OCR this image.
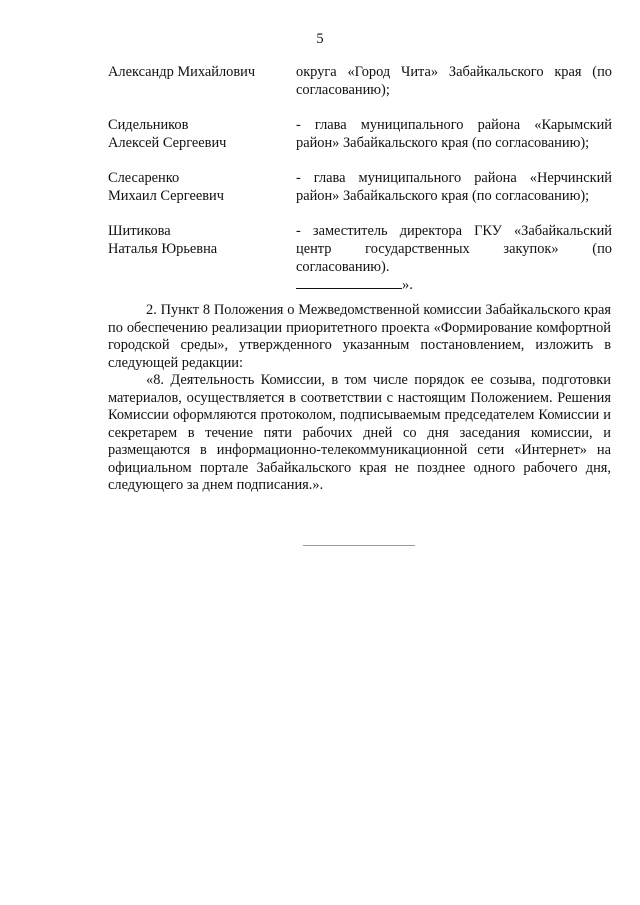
5
Александр Михайлович	округа «Город Чита» Забайкальского края (по согласованию);
Сидельников
Алексей Сергеевич
- глава муниципального района «Карымский район» Забайкальского края (по согласованию);
Слесаренко
Михаил Сергеевич
- глава муниципального района «Нерчинский район» Забайкальского края (по согласованию);
Шитикова
Наталья Юрьевна
- заместитель директора ГКУ «Забайкальский центр государственных закупок» (по согласованию).
».

2. Пункт 8 Положения о Межведомственной комиссии Забайкальского края по обеспечению реализации приоритетного проекта «Формирование комфортной городской среды», утвержденного указанным постановлением, изложить в следующей редакции:

«8. Деятельность Комиссии, в том числе порядок ее созыва, подготовки материалов, осуществляется в соответствии с настоящим Положением. Решения Комиссии оформляются протоколом, подписываемым председателем Комиссии и секретарем в течение пяти рабочих дней со дня заседания комиссии, и размещаются в информационно-телекоммуникационной сети «Интернет» на официальном портале Забайкальского края не позднее одного рабочего дня, следующего за днем подписания.».
